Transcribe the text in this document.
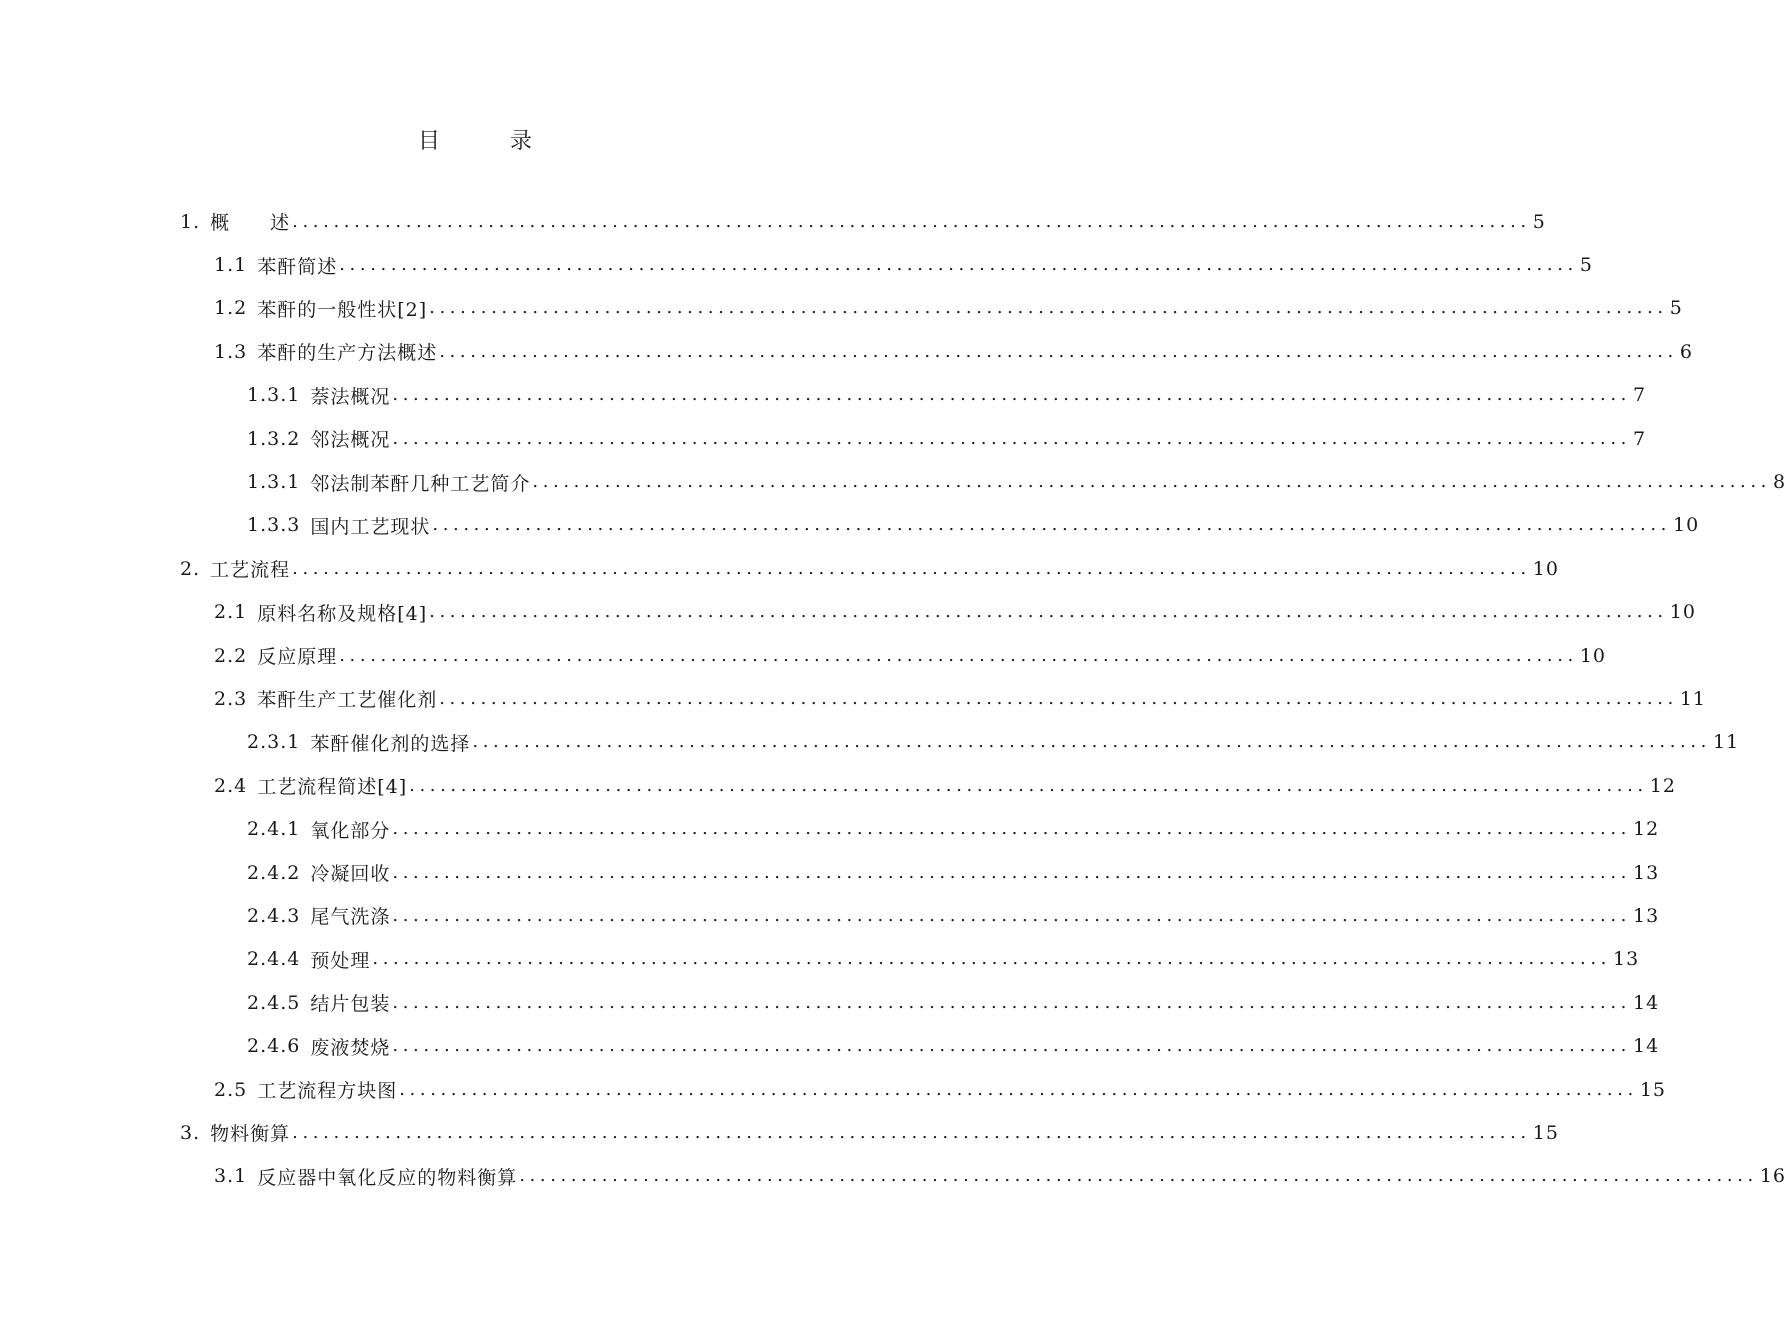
目　录
1. 概　　述 ........................................................................................................................ 5
1.1 苯酐简述 ........................................................................................................................ 5
1.2 苯酐的一般性状[2] ........................................................................................................................ 5
1.3 苯酐的生产方法概述 ........................................................................................................................ 6
1.3.1 萘法概况 ........................................................................................................................ 7
1.3.2 邻法概况 ........................................................................................................................ 7
1.3.1 邻法制苯酐几种工艺简介 ........................................................................................................................ 8
1.3.3 国内工艺现状 ........................................................................................................................ 10
2. 工艺流程 ........................................................................................................................ 10
2.1 原料名称及规格[4] ........................................................................................................................ 10
2.2 反应原理 ........................................................................................................................ 10
2.3 苯酐生产工艺催化剂 ........................................................................................................................ 11
2.3.1 苯酐催化剂的选择 ........................................................................................................................ 11
2.4 工艺流程简述[4] ........................................................................................................................ 12
2.4.1 氧化部分 ........................................................................................................................ 12
2.4.2 冷凝回收 ........................................................................................................................ 13
2.4.3 尾气洗涤 ........................................................................................................................ 13
2.4.4 预处理 ........................................................................................................................ 13
2.4.5 结片包装 ........................................................................................................................ 14
2.4.6 废液焚烧 ........................................................................................................................ 14
2.5 工艺流程方块图 ........................................................................................................................ 15
3. 物料衡算 ........................................................................................................................ 15
3.1 反应器中氧化反应的物料衡算 ........................................................................................................................ 16
